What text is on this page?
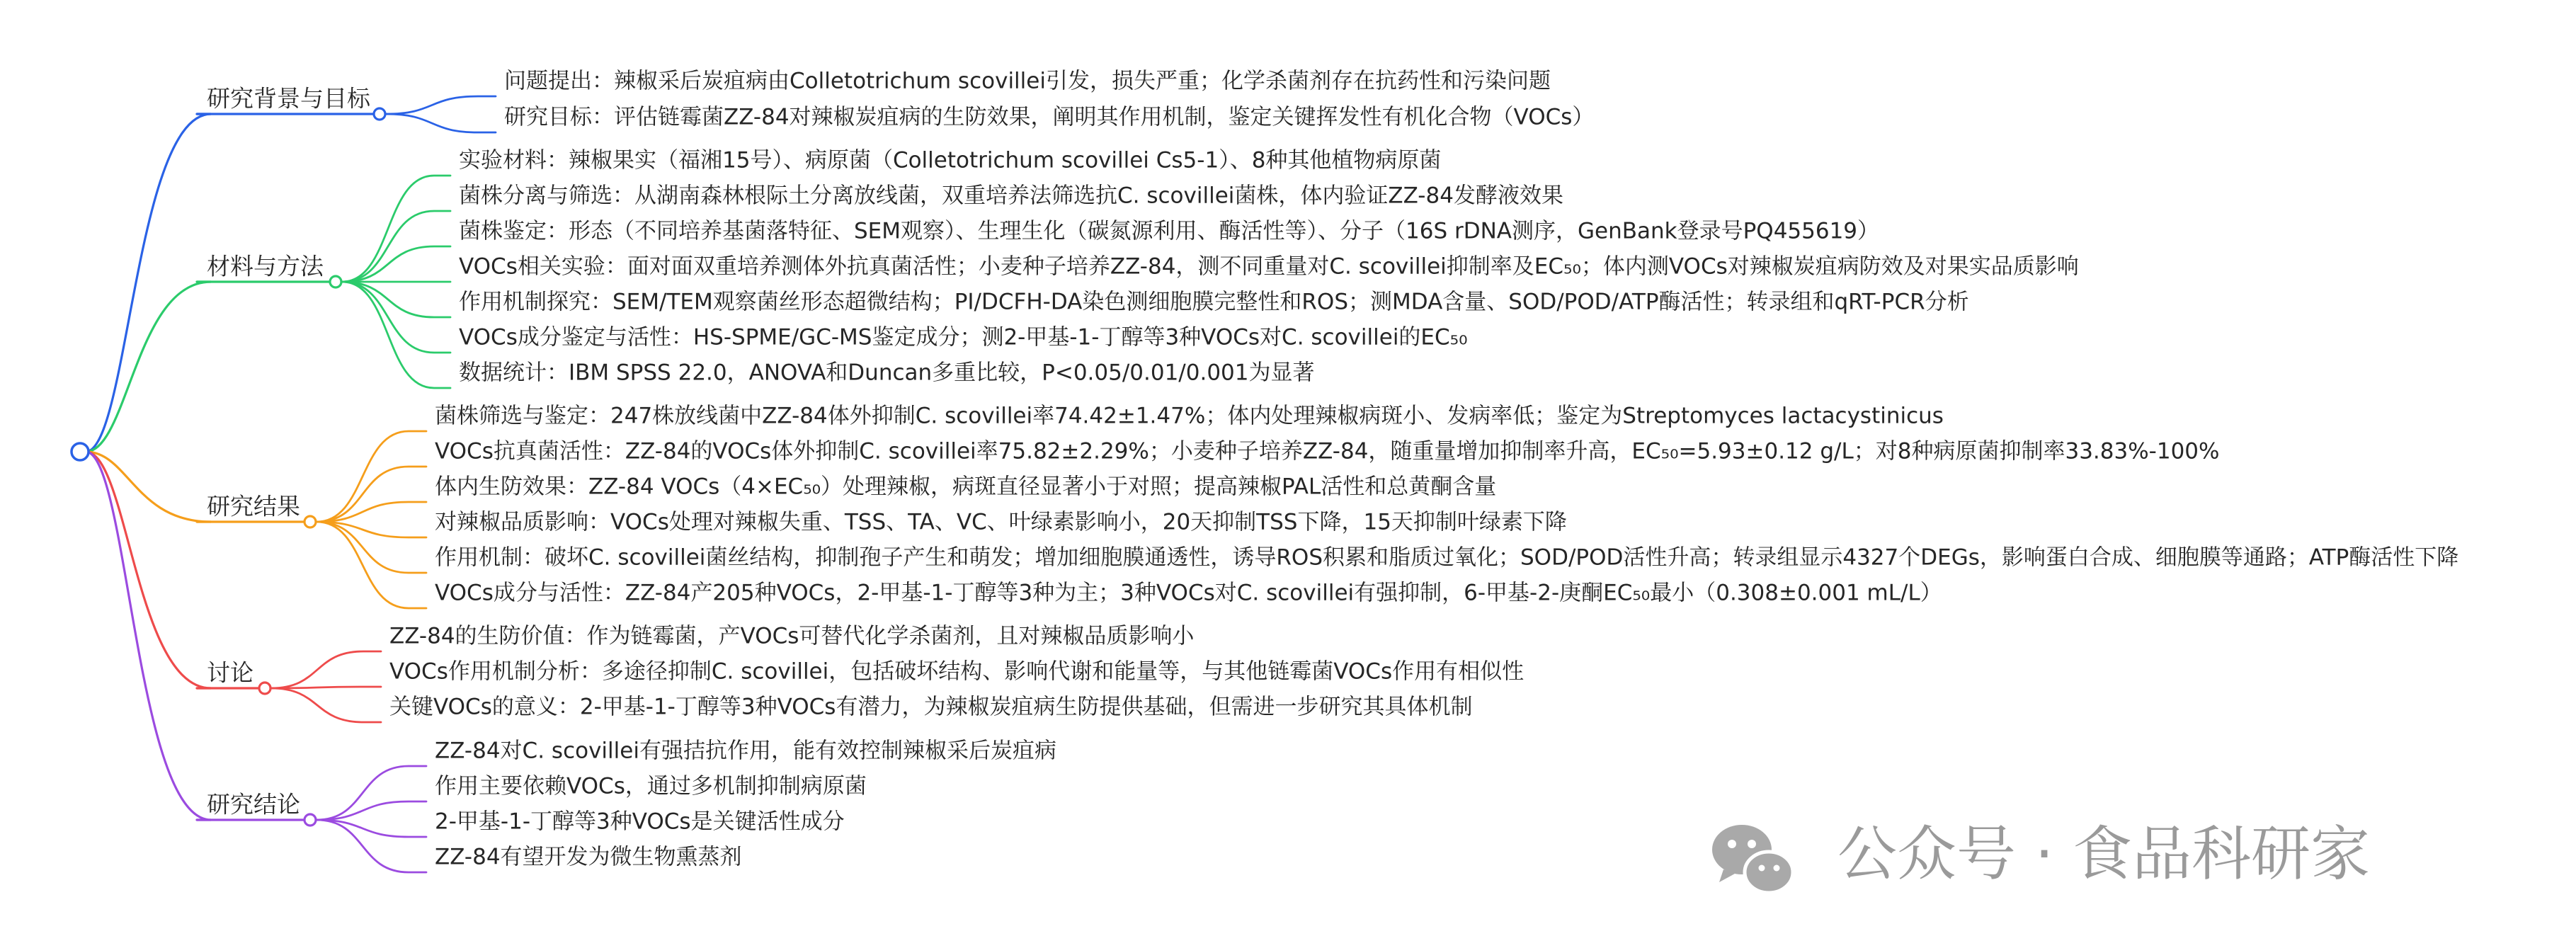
研究背景与目标
问题提出：辣椒采后炭疽病由Colletotrichum scovillei引发，损失严重；化学杀菌剂存在抗药性和污染问题
研究目标：评估链霉菌ZZ-84对辣椒炭疽病的生防效果，阐明其作用机制，鉴定关键挥发性有机化合物（VOCs）
材料与方法
实验材料：辣椒果实（福湘15号）、病原菌（Colletotrichum scovillei Cs5-1）、8种其他植物病原菌
菌株分离与筛选：从湖南森林根际土分离放线菌，双重培养法筛选抗C. scovillei菌株，体内验证ZZ-84发酵液效果
菌株鉴定：形态（不同培养基菌落特征、SEM观察）、生理生化（碳氮源利用、酶活性等）、分子（16S rDNA测序，GenBank登录号PQ455619）
VOCs相关实验：面对面双重培养测体外抗真菌活性；小麦种子培养ZZ-84，测不同重量对C. scovillei抑制率及EC₅₀；体内测VOCs对辣椒炭疽病防效及对果实品质影响
作用机制探究：SEM/TEM观察菌丝形态超微结构；PI/DCFH-DA染色测细胞膜完整性和ROS；测MDA含量、SOD/POD/ATP酶活性；转录组和qRT-PCR分析
VOCs成分鉴定与活性：HS-SPME/GC-MS鉴定成分；测2-甲基-1-丁醇等3种VOCs对C. scovillei的EC₅₀
数据统计：IBM SPSS 22.0，ANOVA和Duncan多重比较，P<0.05/0.01/0.001为显著
研究结果
菌株筛选与鉴定：247株放线菌中ZZ-84体外抑制C. scovillei率74.42±1.47%；体内处理辣椒病斑小、发病率低；鉴定为Streptomyces lactacystinicus
VOCs抗真菌活性：ZZ-84的VOCs体外抑制C. scovillei率75.82±2.29%；小麦种子培养ZZ-84，随重量增加抑制率升高，EC₅₀=5.93±0.12 g/L；对8种病原菌抑制率33.83%-100%
体内生防效果：ZZ-84 VOCs（4×EC₅₀）处理辣椒，病斑直径显著小于对照；提高辣椒PAL活性和总黄酮含量
对辣椒品质影响：VOCs处理对辣椒失重、TSS、TA、VC、叶绿素影响小，20天抑制TSS下降，15天抑制叶绿素下降
作用机制：破坏C. scovillei菌丝结构，抑制孢子产生和萌发；增加细胞膜通透性，诱导ROS积累和脂质过氧化；SOD/POD活性升高；转录组显示4327个DEGs，影响蛋白合成、细胞膜等通路；ATP酶活性下降
VOCs成分与活性：ZZ-84产205种VOCs，2-甲基-1-丁醇等3种为主；3种VOCs对C. scovillei有强抑制，6-甲基-2-庚酮EC₅₀最小（0.308±0.001 mL/L）
讨论
ZZ-84的生防价值：作为链霉菌，产VOCs可替代化学杀菌剂，且对辣椒品质影响小
VOCs作用机制分析：多途径抑制C. scovillei，包括破坏结构、影响代谢和能量等，与其他链霉菌VOCs作用有相似性
关键VOCs的意义：2-甲基-1-丁醇等3种VOCs有潜力，为辣椒炭疽病生防提供基础，但需进一步研究其具体机制
研究结论
ZZ-84对C. scovillei有强拮抗作用，能有效控制辣椒采后炭疽病
作用主要依赖VOCs，通过多机制抑制病原菌
2-甲基-1-丁醇等3种VOCs是关键活性成分
ZZ-84有望开发为微生物熏蒸剂	公众号 · 食品科研家
